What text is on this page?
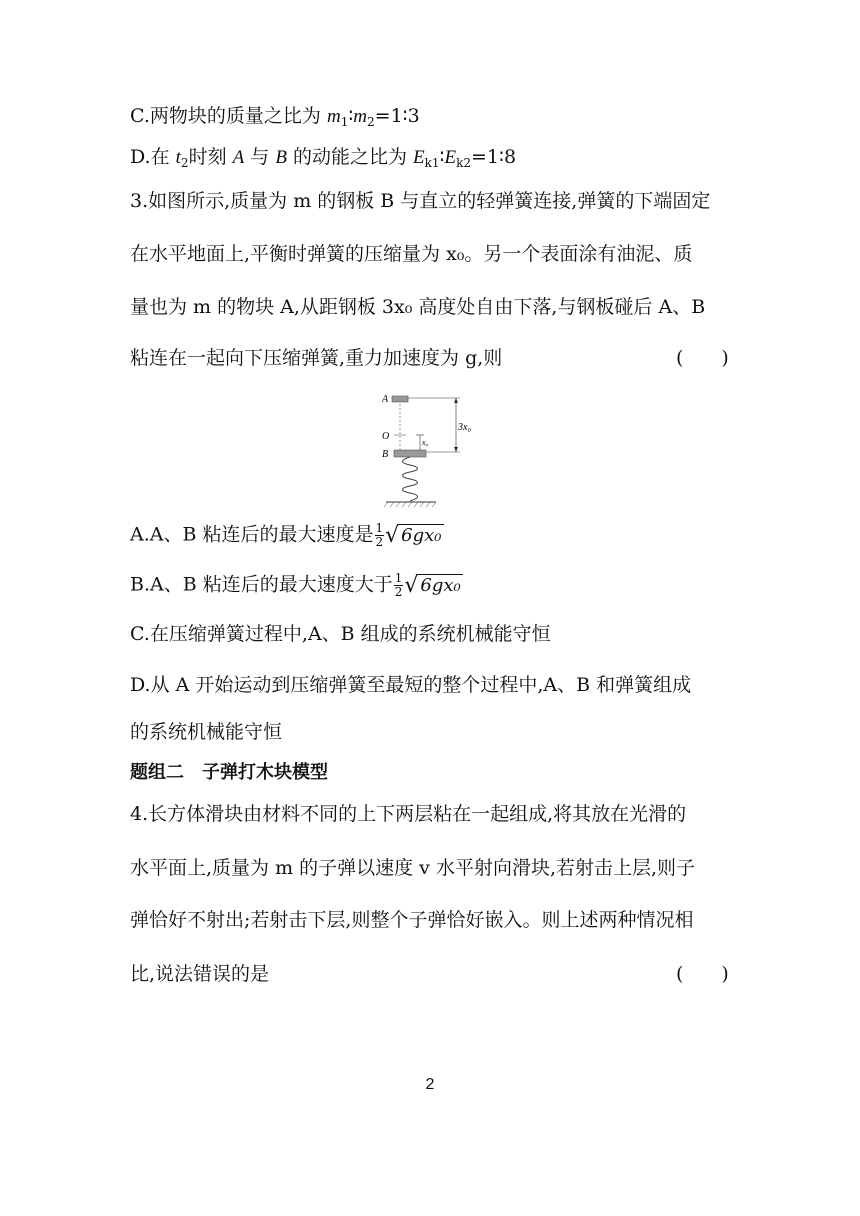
C.两物块的质量之比为 $m_1∶m_2=1∶3$
D.在 $t_2$时刻 A 与 B 的动能之比为 $E_{k1}∶E_{k2}=1∶8$
3.如图所示,质量为 m 的钢板 B 与直立的轻弹簧连接,弹簧的下端固定
在水平地面上,平衡时弹簧的压缩量为 x₀。另一个表面涂有油泥、质
量也为 m 的物块 A,从距钢板 3x₀ 高度处自由下落,与钢板碰后 A、B
粘连在一起向下压缩弹簧,重力加速度为 g,则	(　　)
A
O
x₀
3x₀
B
A.A、B 粘连后的最大速度是 $\frac{1}{2}$ √ 6gx₀
B.A、B 粘连后的最大速度大于 $\frac{1}{2}$ √ 6gx₀
C.在压缩弹簧过程中,A、B 组成的系统机械能守恒
D.从 A 开始运动到压缩弹簧至最短的整个过程中,A、B 和弹簧组成
的系统机械能守恒
题组二　子弹打木块模型
4.长方体滑块由材料不同的上下两层粘在一起组成,将其放在光滑的
水平面上,质量为 m 的子弹以速度 v 水平射向滑块,若射击上层,则子
弹恰好不射出;若射击下层,则整个子弹恰好嵌入。则上述两种情况相
比,说法错误的是	(　　)
2
